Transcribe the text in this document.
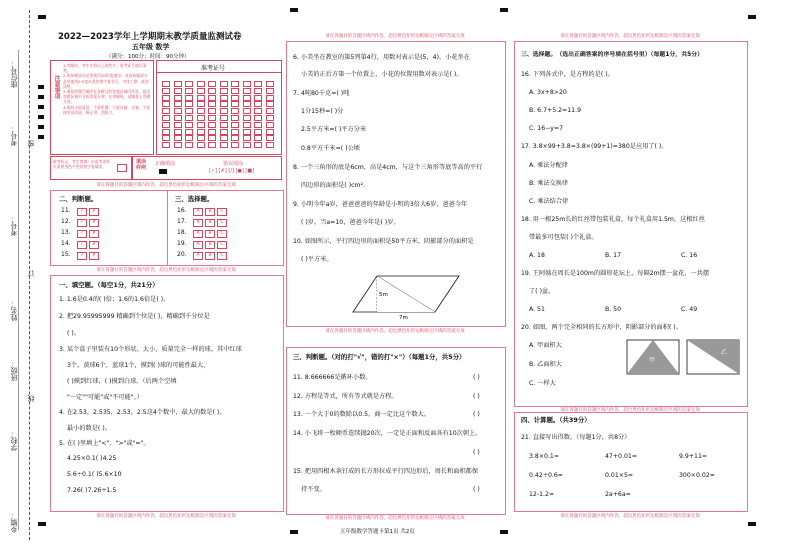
座位号：
考号： 密
考号：
订
姓名：
班级：
线
学校：
乡镇：
2022—2023学年上学期期末教学质量监测试卷
五年级 数学
（满分：100分；时间：90分钟）
注意事项
1.答题前，考生先将自己的姓名、准考证号填写清楚。
2.选择题部分必须使用2B铅笔填涂；非选择题部分必须使用0.5毫米黑色签字笔书写，字体工整、笔迹清楚。
3.请按照题号顺序在各题目的答题区域内作答，超出答题区域书写的答案无效；在草稿纸、试题卷上答题无效。
4.保持卡面清洁，不要折叠、不要弄破、弄皱，不准使用涂改液、修正带、刮纸刀。
准考证号
缺考标记，考生禁填！由监考老师负责用黑色字迹的签字笔填涂。
填涂样例
正确填涂	错误填涂
[✓] [✗] [/] [●] [■]
二、判断题。	三、选择题。
11. ✓ ✗
12. ✓ ✗
13. ✓ ✗
14. ✓ ✗
15. ✓ ✗
16. A B C
17. A B C
18. A B C
19. A B C
20. A B C
请在各题目的答题区域内作答，超出黑色矩形边框限定区域的答案无效
请在各题目的答题区域内作答，超出黑色矩形边框限定区域的答案无效
一、填空题。（每空1分，共21分）
1. 1.6是0.4的( )倍；1.6的1.6倍是( )。
2. 把29.95995999 精确到个位是( )，精确到千分位是
( )。
3. 某个盒子里装有10个形状、大小、质量完全一样的球，其中红球
3个，黄球6个，蓝球1个，摸到( )球的可能性最大，
( )摸到红球，( )摸到白球。（后两个空填
"一定""可能"或"不可能"。）
4. 在2.53，2.535，2.53，2.5这4个数中，最大的数是( )，
最小的数是( )。
5. 在( )里填上"<"、">"或"="。
4.25×0.1( )4.25
5.6÷0.1( )5.6×10
7.26( )7.26÷1.5
请在各题目的答题区域内作答，超出黑色矩形边框限定区域的答案无效
请在各题目的答题区域内作答，超出黑色矩形边框限定区域的答案无效
6. 小美坐在教室的第5列第4行，用数对表示是(5，4)，小花坐在
小美的正后方第一个位置上，小花的位置用数对表示是( )。
7. 4吨80千克=( )吨
1分15秒=( )分
2.5平方米=( )平方分米
0.8平方千米=( )公顷
8. 一个三角形的底是6cm，高是4cm，与这个三角形等底等高的平行
四边形的面积是( )cm².
9. 小明今年a岁，爸爸爸爸的年龄是小明的3倍大6岁，爸爸今年
( )岁。当a=10，爸爸今年是( )岁。
10. 如图所示，平行四边形的面积是50平方米，阴影部分的面积是
( )平方米。
5m
7m
请在各题目的答题区域内作答，超出黑色矩形边框限定区域的答案无效
三、判断题。（对的打"√"，错的打"×"）（每题1分，共5分）
11. 8.666666是循环小数。	( )
12. 方程是等式，所有等式就是方程。	( )
13. 一个大于0的数除以0.5，商一定比这个数大。	( )
14. 小飞将一枚硬币连续抛20次，一定是正面和反面各有10次朝上。
( )
15. 把用四根木条钉成的长方形拉成平行四边形后，周长和面积都保
持不变。	( )
请在各题目的答题区域内作答，超出黑色矩形边框限定区域的答案无效
请在各题目的答题区域内作答，超出黑色矩形边框限定区域的答案无效
三、选择题。（选出正确答案的序号填在括号里）（每题1分，共5分）
16. 下列各式中，是方程的是( )。
A. 3x+8>20
B. 6.7+5.2=11.9
C. 16−y=7
17. 3.8×99+3.8=3.8×(99+1)=380是应用了( )。
A. 乘法分配律
B. 乘法交换律
C. 乘法结合律
18. 用一根25m长的红丝带包装礼盒，每个礼盒用1.5m，这根红丝
带最多可包装( )个礼盒。
A. 18	B. 17	C. 16
19. 王阿姨在周长是100m的圆形花坛上，每隔2m摆一盆花，一共摆
了( )盆。
A. 51	B. 50	C. 49
20. 如图，两个完全相同的长方形中，阴影部分的面积( )。
A. 甲面积大
B. 乙面积大
C. 一样大
甲
乙
请在各题目的答题区域内作答，超出黑色矩形边框限定区域的答案无效
四、计算题。（共39分）
21. 直接写出得数。（每题1分，共8分）
3.8×0.1=	47+0.01=	9.9+11=
0.42÷0.6=	0.01×5=	300×0.02=
12-1.2=	2a+6a=
请在各题目的答题区域内作答，超出黑色矩形边框限定区域的答案无效
五年级数学答题卡第1页 共2页
